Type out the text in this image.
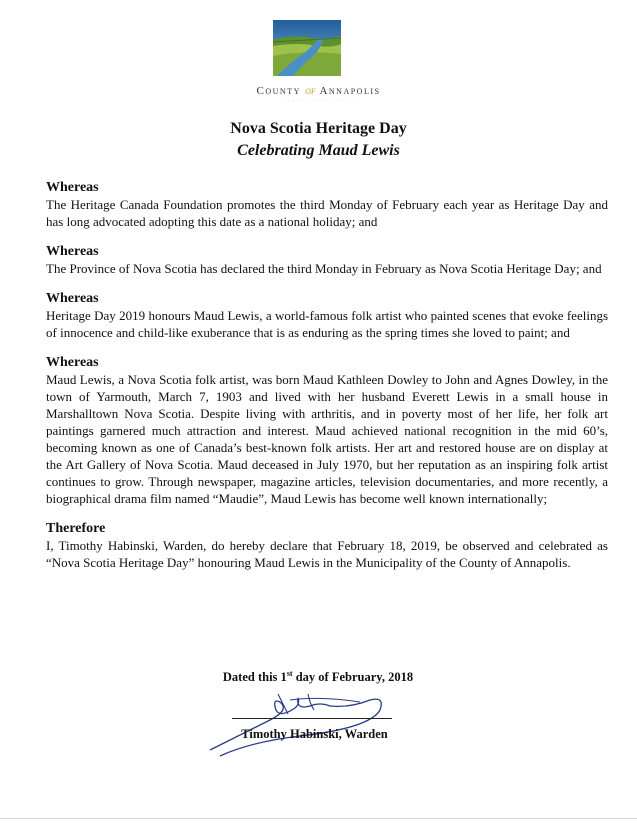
County of Annapolis
· · · · · · · · · · · · · · ·
Nova Scotia Heritage Day
Celebrating Maud Lewis
Whereas

The Heritage Canada Foundation promotes the third Monday of February each year as Heritage Day and has long advocated adopting this date as a national holiday; and

Whereas

The Province of Nova Scotia has declared the third Monday in February as Nova Scotia Heritage Day; and

Whereas

Heritage Day 2019 honours Maud Lewis, a world-famous folk artist who painted scenes that evoke feelings of innocence and child-like exuberance that is as enduring as the spring times she loved to paint; and

Whereas

Maud Lewis, a Nova Scotia folk artist, was born Maud Kathleen Dowley to John and Agnes Dowley, in the town of Yarmouth, March 7, 1903 and lived with her husband Everett Lewis in a small house in Marshalltown Nova Scotia. Despite living with arthritis, and in poverty most of her life, her folk art paintings garnered much attraction and interest. Maud achieved national recognition in the mid 60’s, becoming known as one of Canada’s best-known folk artists. Her art and restored house are on display at the Art Gallery of Nova Scotia. Maud deceased in July 1970, but her reputation as an inspiring folk artist continues to grow. Through newspaper, magazine articles, television documentaries, and more recently, a biographical drama film named “Maudie”, Maud Lewis has become well known internationally;

Therefore

I, Timothy Habinski, Warden, do hereby declare that February 18, 2019, be observed and celebrated as “Nova Scotia Heritage Day” honouring Maud Lewis in the Municipality of the County of Annapolis.

Dated this 1st day of February, 2018
Timothy Habinski, Warden
